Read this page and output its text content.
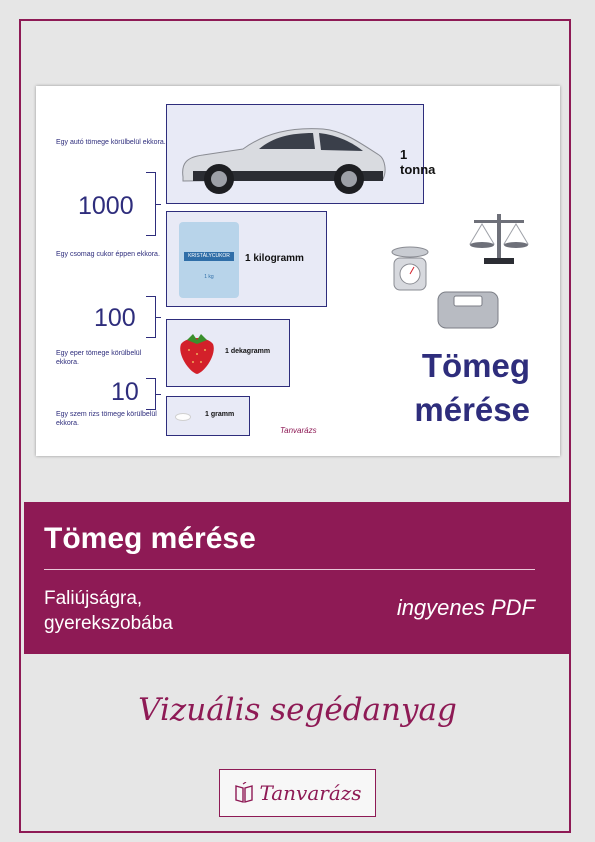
Egy autó tömege körülbelül ekkora.
1 tonna
1000
Egy csomag cukor éppen ekkora.	KRISTÁLYCUKOR
1 kg
1 kilogramm
100
Egy eper tömege körülbelül ekkora.
1 dekagramm
10
Egy szem rizs tömege körülbelül ekkora.
1 gramm
Tömeg
mérése
Tanvarázs
Tömeg mérése
Faliújságra,
gyerekszobába
ingyenes PDF
Vizuális segédanyag
Tanvarázs
